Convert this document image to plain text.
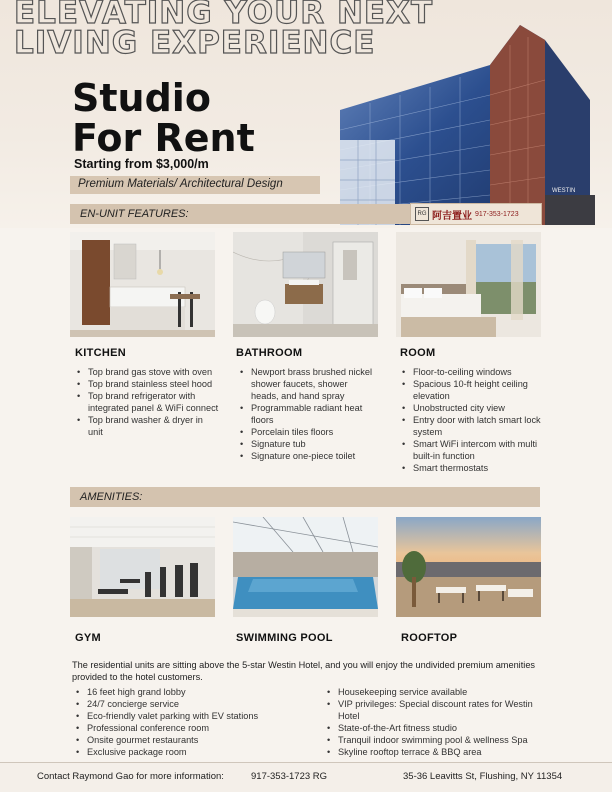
ELEVATING YOUR NEXT
LIVING EXPERIENCE
Studio
For Rent
Starting from $3,000/m
Premium Materials/ Architectural Design
WESTIN
EN-UNIT FEATURES:	RG 阿吉置业 917-353-1723
KITCHEN
• Top brand gas stove with oven
• Top brand stainless steel hood
• Top brand refrigerator with integrated panel & WiFi connect
• Top brand washer & dryer in unit
BATHROOM
• Newport brass brushed nickel shower faucets, shower heads, and hand spray
• Programmable radiant heat floors
• Porcelain tiles floors
• Signature tub
• Signature one-piece toilet
ROOM
• Floor-to-ceiling windows
• Spacious 10-ft height ceiling elevation
• Unobstructed city view
• Entry door with latch smart lock system
• Smart WiFi intercom with multi built-in function
• Smart thermostats
AMENITIES:
GYM	SWIMMING POOL	ROOFTOP
The residential units are sitting above the 5-star Westin Hotel, and you will enjoy the undivided premium amenities provided to the hotel customers.
• 16 feet high grand lobby
• 24/7 concierge service
• Eco-friendly valet parking with EV stations
• Professional conference room
• Onsite gourmet restaurants
• Exclusive package room
• Housekeeping service available
• VIP privileges: Special discount rates for Westin Hotel
• State-of-the-Art fitness studio
• Tranquil indoor swimming pool & wellness Spa
• Skyline rooftop terrace & BBQ area
Contact Raymond Gao for more information:	917-353-1723 RG	35-36 Leavitts St, Flushing, NY 11354
